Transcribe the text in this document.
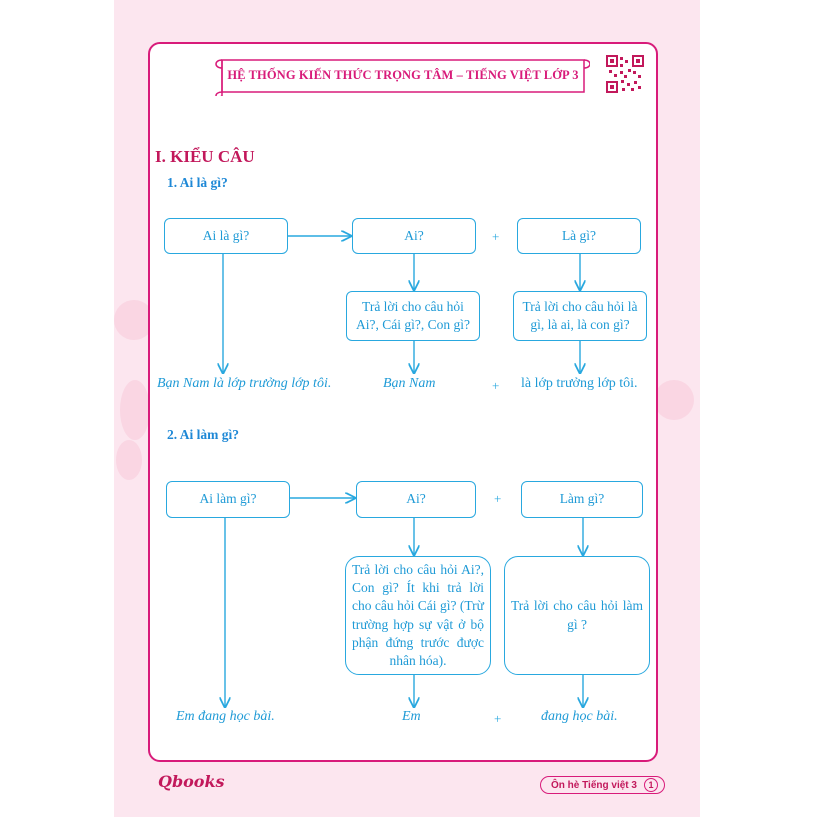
HỆ THỐNG KIẾN THỨC TRỌNG TÂM – TIẾNG VIỆT LỚP 3
I. KIỂU CÂU
1. Ai là gì?
Ai là gì?	Ai?	+	Là gì?
Trả lời cho câu hỏi
Ai?, Cái gì?, Con gì?
Trả lời cho câu hỏi là
gì, là ai, là con gì?
Bạn Nam là lớp trưởng lớp tôi.	Bạn Nam	+ là lớp trưởng lớp tôi.
2. Ai làm gì?
Ai làm gì?	Ai?	+	Làm gì?
Trả lời cho câu hỏi Ai?, Con gì? Ít khi trả lời cho câu hỏi Cái gì? (Trừ trường hợp sự vật ở bộ phận đứng trước được nhân hóa).
Trả lời cho câu hỏi làm gì ?
Em đang học bài.	Em	+	đang học bài.
Qbooks	Ôn hè Tiếng việt 3	1
